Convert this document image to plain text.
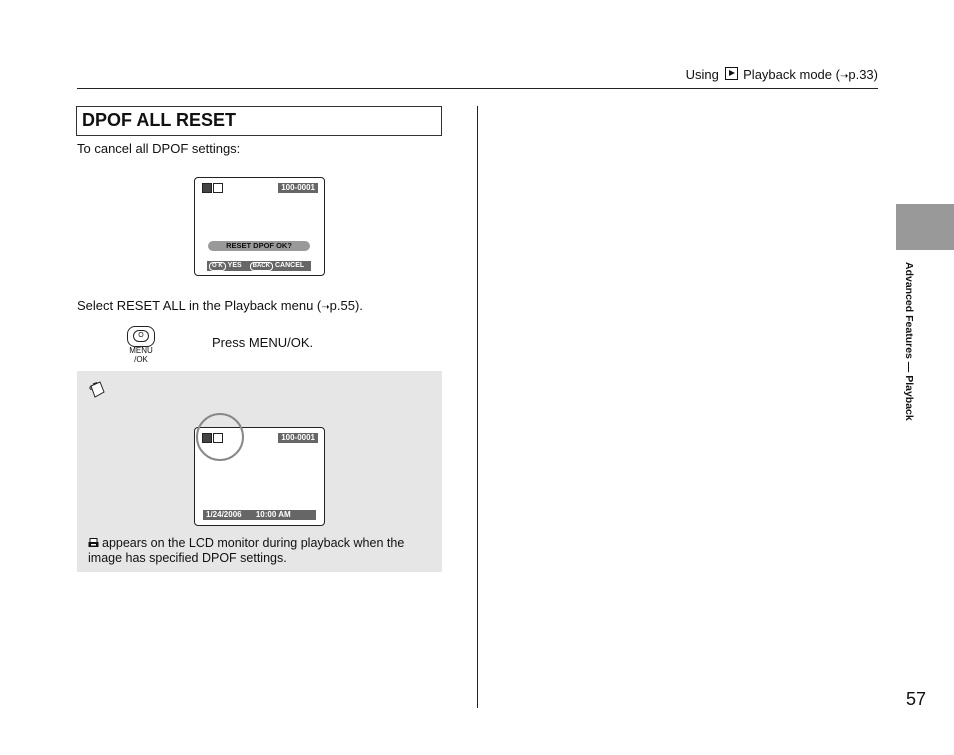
Using Playback mode (➝p.33)
DPOF ALL RESET
To cancel all DPOF settings:
100-0001
RESET DPOF OK?
O K YES BACK CANCEL
Select RESET ALL in the Playback menu (➝p.55).
O
MENU
/OK
Press MENU/OK.
100-0001
1/24/2006 10:00 AM
appears on the LCD monitor during playback when the image has specified DPOF settings.
Advanced Features — Playback
57
